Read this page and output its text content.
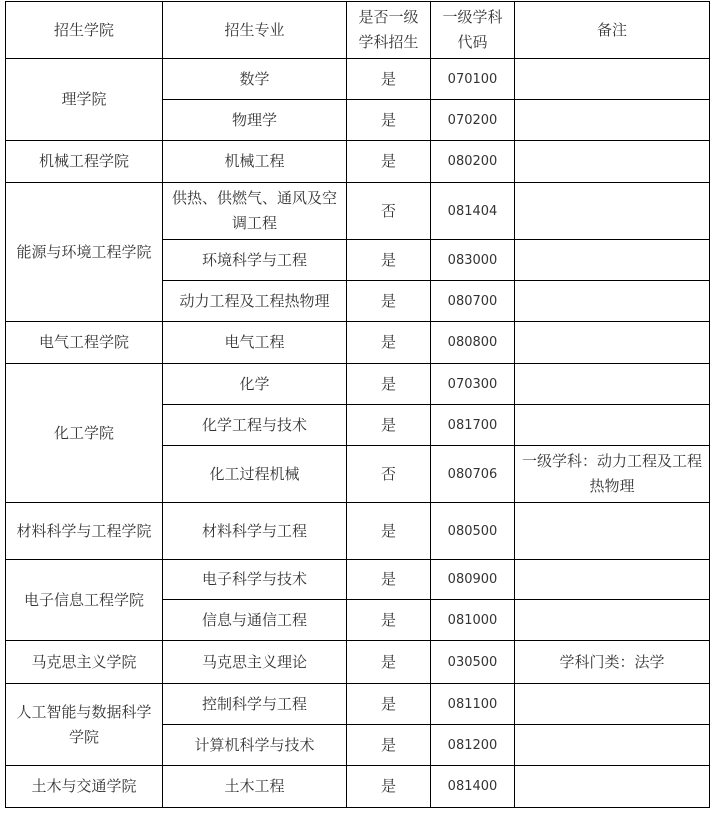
招生学院	招生专业	是否一级学科招生	一级学科代码	备注
理学院	数学	是	070100	
	物理学	是	070200	
机械工程学院	机械工程	是	080200	
能源与环境工程学院	供热、供燃气、通风及空调工程	否	081404	
	环境科学与工程	是	083000	
	动力工程及工程热物理	是	080700	
电气工程学院	电气工程	是	080800	
化工学院	化学	是	070300	
	化学工程与技术	是	081700	
	化工过程机械	否	080706	一级学科：动力工程及工程热物理
材料科学与工程学院	材料科学与工程	是	080500	
电子信息工程学院	电子科学与技术	是	080900	
	信息与通信工程	是	081000	
马克思主义学院	马克思主义理论	是	030500	学科门类：法学
人工智能与数据科学学院	控制科学与工程	是	081100	
	计算机科学与技术	是	081200	
土木与交通学院	土木工程	是	081400	
